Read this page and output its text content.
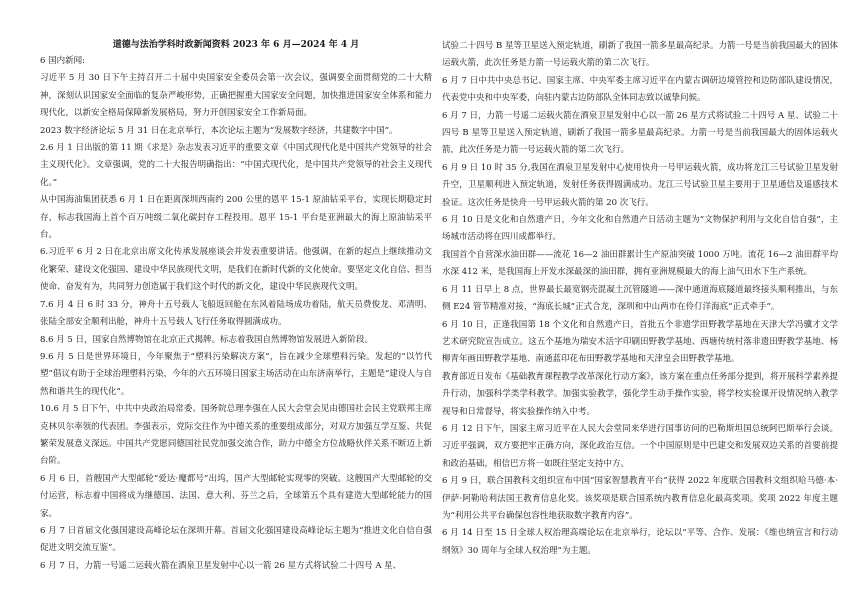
道德与法治学科时政新闻资料 2023 年 6 月—2024 年 4 月

6 国内新闻:

习近平 5 月 30 日下午主持召开二十届中央国家安全委员会第一次会议，强调要全面贯彻党的二十大精神，深刻认识国家安全面临的复杂严峻形势，正确把握重大国家安全问题，加快推进国家安全体系和能力现代化，以新安全格局保障新发展格局，努力开创国家安全工作新局面。

2023 数字经济论坛 5 月 31 日在北京举行，本次论坛主题为“发展数字经济，共建数字中国”。

2.6 月 1 日出版的第 11 期《求是》杂志发表习近平的重要文章《中国式现代化是中国共产党领导的社会主义现代化》。文章强调，党的二十大报告明确指出：“中国式现代化，是中国共产党领导的社会主义现代化。”

从中国海油集团获悉 6 月 1 日在距离深圳西南约 200 公里的恩平 15-1 原油钻采平台，实现长期稳定封存，标志我国海上首个百万吨级二氧化碳封存工程投用。恩平 15-1 平台是亚洲最大的海上原油钻采平台。

6.习近平 6 月 2 日在北京出席文化传承发展座谈会并发表重要讲话。他强调，在新的起点上继续推动文化繁荣、建设文化强国、建设中华民族现代文明，是我们在新时代新的文化使命。要坚定文化自信、担当使命、奋发有为，共同努力创造属于我们这个时代的新文化，建设中华民族现代文明。

7.6 月 4 日 6 时 33 分，神舟十五号载人飞船返回舱在东风着陆场成功着陆，航天员费俊龙、邓清明、张陆全部安全顺利出舱，神舟十五号载人飞行任务取得圆满成功。

8.6 月 5 日，国家自然博物馆在北京正式揭牌。标志着我国自然博物馆发展进入新阶段。

9.6 月 5 日是世界环境日，今年聚焦于“塑料污染解决方案”，旨在减少全球塑料污染。发起的“以竹代塑”倡议有助于全球治理塑料污染，今年的六五环境日国家主场活动在山东济南举行，主题是“建设人与自然和谐共生的现代化”。

10.6 月 5 日下午，中共中央政治局常委、国务院总理李强在人民大会堂会见由德国社会民主党联邦主席克林贝尔率领的代表团。李强表示，党际交往作为中德关系的重要组成部分，对双方加强互学互鉴、共促繁荣发展意义深远。中国共产党愿同德国社民党加强交流合作，助力中德全方位战略伙伴关系不断迈上新台阶。

6 月 6 日，首艘国产大型邮轮“爱达·魔都号”出坞，国产大型邮轮实现零的突破。这艘国产大型邮轮的交付运营，标志着中国将成为继德国、法国、意大利、芬兰之后，全球第五个具有建造大型邮轮能力的国家。

6 月 7 日首届文化强国建设高峰论坛在深圳开幕。首届文化强国建设高峰论坛主题为“推进文化自信自强　促进文明交流互鉴”。

6 月 7 日，力箭一号遥二运载火箭在酒泉卫星发射中心以一箭 26 星方式将试验二十四号 A 星、

试验二十四号 B 星等卫星送入预定轨道，刷新了我国一箭多星最高纪录。力箭一号是当前我国最大的固体运载火箭，此次任务是力箭一号运载火箭的第二次飞行。

6 月 7 日中共中央总书记、国家主席、中央军委主席习近平在内蒙古调研边境管控和边防部队建设情况，代表党中央和中央军委，向驻内蒙古边防部队全体同志致以诚挚问候。

6 月 7 日，力箭一号遥二运载火箭在酒泉卫星发射中心以一箭 26 星方式将试验二十四号 A 星、试验二十四号 B 星等卫星送入预定轨道，刷新了我国一箭多星最高纪录。力箭一号是当前我国最大的固体运载火箭，此次任务是力箭一号运载火箭的第二次飞行。

6 月 9 日 10 时 35 分,我国在酒泉卫星发射中心使用快舟一号甲运载火箭，成功将龙江三号试验卫星发射升空，卫星顺利进入预定轨道，发射任务获得圆满成功。龙江三号试验卫星主要用于卫星通信及遥感技术验证。这次任务是快舟一号甲运载火箭的第 20 次飞行。

6 月 10 日是文化和自然遗产日，今年文化和自然遗产日活动主题为“文物保护利用与文化自信自强”，主场城市活动将在四川成都举行。

我国首个自营深水油田群——流花 16—2 油田群累计生产原油突破 1000 万吨。流花 16—2 油田群平均水深 412 米，是我国海上开发水深最深的油田群，拥有亚洲规模最大的海上油气田水下生产系统。

6 月 11 日早上 8 点，世界最长最宽钢壳混凝土沉管隧道——深中通道海底隧道最终接头顺利推出，与东侧 E24 管节精准对接，“海底长城”正式合龙，深圳和中山两市在伶仃洋海底“正式牵手”。

6 月 10 日，正逢我国第 18 个文化和自然遗产日，首批五个非遗学田野教学基地在天津大学冯骥才文学艺术研究院宣告成立。这五个基地为瑞安木活字印刷田野教学基地、西塘传统村落非遗田野教学基地、杨柳青年画田野教学基地、南通蓝印花布田野教学基地和天津皇会田野教学基地。

教育部近日发布《基础教育课程教学改革深化行动方案》，该方案在重点任务部分提到，将开展科学素养提升行动，加强科学类学科教学。加强实验教学，强化学生动手操作实验，将学校实验课开设情况纳入教学视导和日常督导，将实验操作纳入中考。

6 月 12 日下午，国家主席习近平在人民大会堂同来华进行国事访问的巴勒斯坦国总统阿巴斯举行会谈。习近平强调，双方要把牢正确方向，深化政治互信。一个中国原则是中巴建交和发展双边关系的首要前提和政治基础，相信巴方将一如既往坚定支持中方。

6 月 9 日，联合国教科文组织宣布中国“国家智慧教育平台”获得 2022 年度联合国教科文组织哈马德·本·伊萨·阿勒哈利法国王教育信息化奖。该奖项是联合国系统内教育信息化最高奖项。奖项 2022 年度主题为“利用公共平台确保包容性地获取数字教育内容”。

6 月 14 日至 15 日全球人权治理高端论坛在北京举行，论坛以“平等、合作、发展：《维也纳宣言和行动纲领》30 周年与全球人权治理”为主题。
